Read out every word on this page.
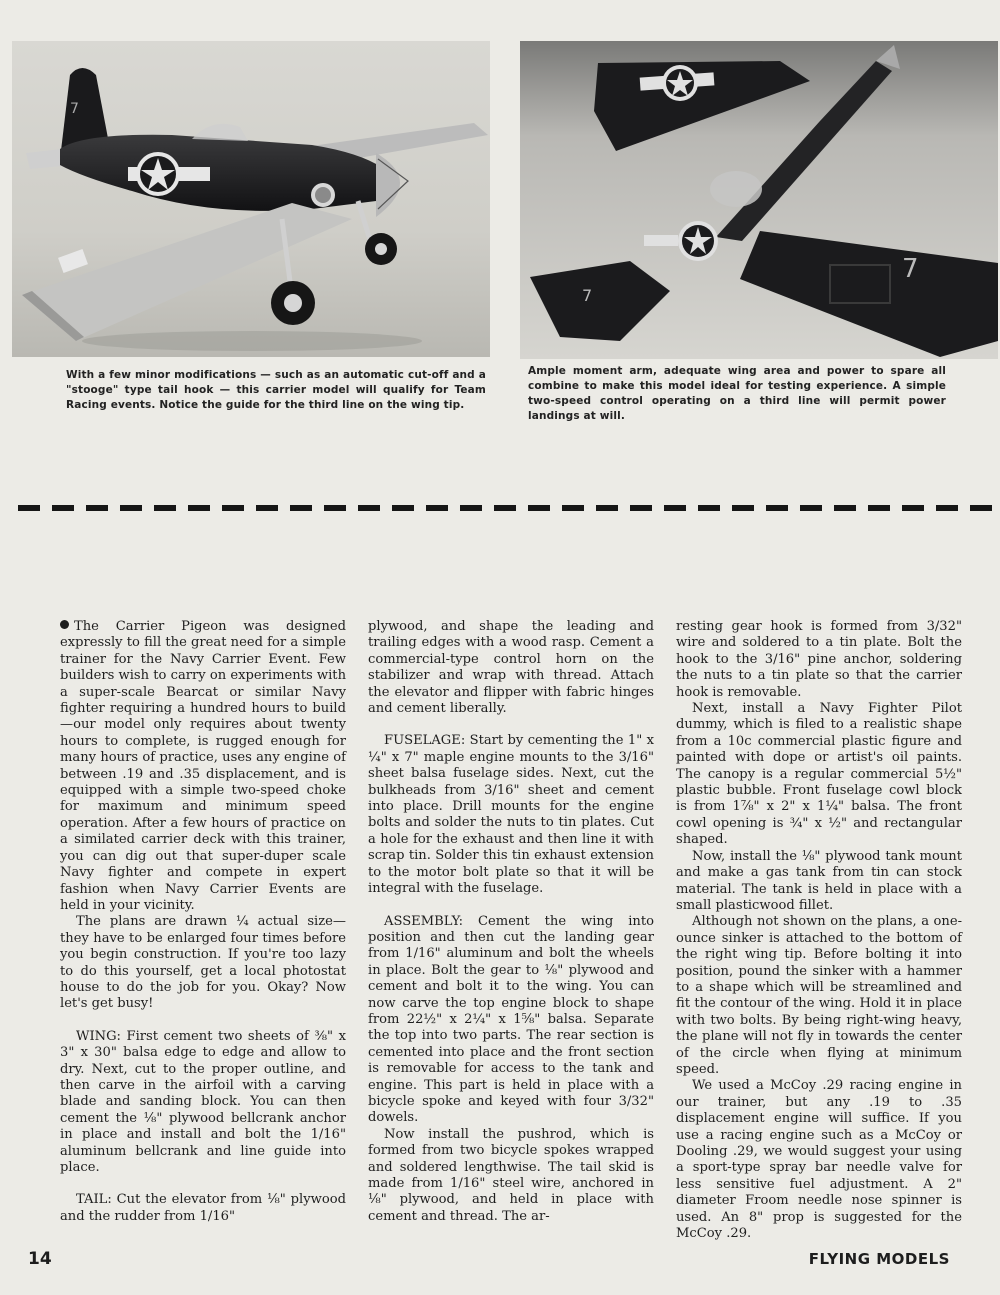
7
7
7
With a few minor modifications — such as an automatic cut-off and a "stooge" type tail hook — this carrier model will qualify for Team Racing events. Notice the guide for the third line on the wing tip.
Ample moment arm, adequate wing area and power to spare all combine to make this model ideal for testing experience. A simple two-speed control operating on a third line will permit power landings at will.

The Carrier Pigeon was designed expressly to fill the great need for a simple trainer for the Navy Carrier Event. Few builders wish to carry on experiments with a super-scale Bearcat or similar Navy fighter requiring a hundred hours to build—our model only requires about twenty hours to complete, is rugged enough for many hours of practice, uses any engine of between .19 and .35 displacement, and is equipped with a simple two-speed choke for maximum and minimum speed operation. After a few hours of practice on a similated carrier deck with this trainer, you can dig out that super-duper scale Navy fighter and compete in expert fashion when Navy Carrier Events are held in your vicinity.

The plans are drawn ¼ actual size—they have to be enlarged four times before you begin construction. If you're too lazy to do this yourself, get a local photostat house to do the job for you. Okay? Now let's get busy!

WING: First cement two sheets of ⅜" x 3" x 30" balsa edge to edge and allow to dry. Next, cut to the proper outline, and then carve in the airfoil with a carving blade and sanding block. You can then cement the ⅛" plywood bellcrank anchor in place and install and bolt the 1/16" aluminum bellcrank and line guide into place.

TAIL: Cut the elevator from ⅛" plywood and the rudder from 1/16"

plywood, and shape the leading and trailing edges with a wood rasp. Cement a commercial-type control horn on the stabilizer and wrap with thread. Attach the elevator and flipper with fabric hinges and cement liberally.

FUSELAGE: Start by cementing the 1" x ¼" x 7" maple engine mounts to the 3/16" sheet balsa fuselage sides. Next, cut the bulkheads from 3/16" sheet and cement into place. Drill mounts for the engine bolts and solder the nuts to tin plates. Cut a hole for the exhaust and then line it with scrap tin. Solder this tin exhaust extension to the motor bolt plate so that it will be integral with the fuselage.

ASSEMBLY: Cement the wing into position and then cut the landing gear from 1/16" aluminum and bolt the wheels in place. Bolt the gear to ⅛" plywood and cement and bolt it to the wing. You can now carve the top engine block to shape from 22½" x 2¼" x 1⅝" balsa. Separate the top into two parts. The rear section is cemented into place and the front section is removable for access to the tank and engine. This part is held in place with a bicycle spoke and keyed with four 3/32" dowels.

Now install the pushrod, which is formed from two bicycle spokes wrapped and soldered lengthwise. The tail skid is made from 1/16" steel wire, anchored in ⅛" plywood, and held in place with cement and thread. The ar-

resting gear hook is formed from 3/32" wire and soldered to a tin plate. Bolt the hook to the 3/16" pine anchor, soldering the nuts to a tin plate so that the carrier hook is removable.

Next, install a Navy Fighter Pilot dummy, which is filed to a realistic shape from a 10c commercial plastic figure and painted with dope or artist's oil paints. The canopy is a regular commercial 5½" plastic bubble. Front fuselage cowl block is from 1⅞" x 2" x 1¼" balsa. The front cowl opening is ¾" x ½" and rectangular shaped.

Now, install the ⅛" plywood tank mount and make a gas tank from tin can stock material. The tank is held in place with a small plasticwood fillet.

Although not shown on the plans, a one-ounce sinker is attached to the bottom of the right wing tip. Before bolting it into position, pound the sinker with a hammer to a shape which will be streamlined and fit the contour of the wing. Hold it in place with two bolts. By being right-wing heavy, the plane will not fly in towards the center of the circle when flying at minimum speed.

We used a McCoy .29 racing engine in our trainer, but any .19 to .35 displacement engine will suffice. If you use a racing engine such as a McCoy or Dooling .29, we would suggest your using a sport-type spray bar needle valve for less sensitive fuel adjustment. A 2" diameter Froom needle nose spinner is used. An 8" prop is suggested for the McCoy .29.

14	FLYING MODELS
